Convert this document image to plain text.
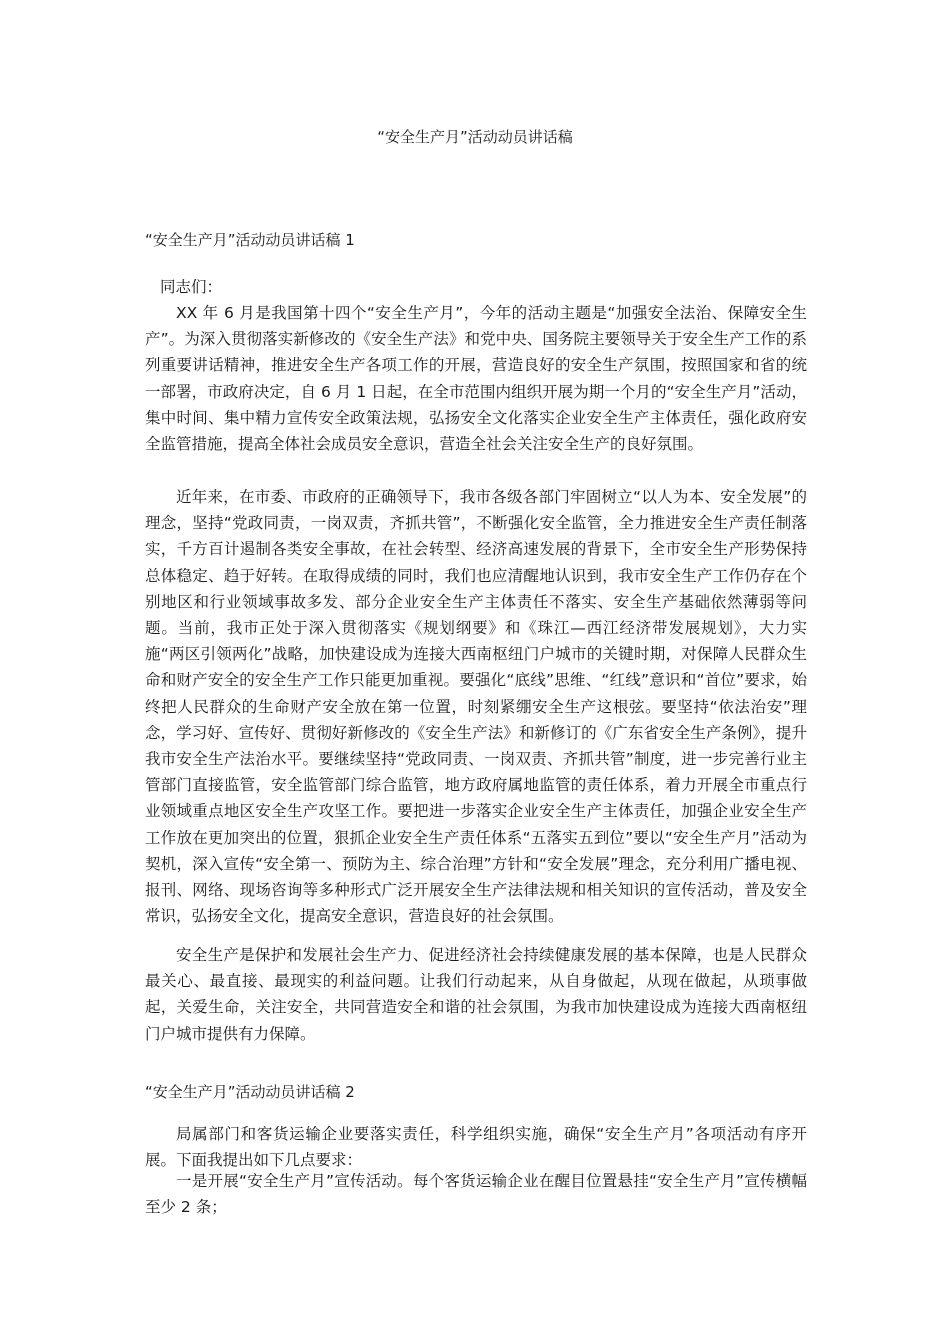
“安全生产月”活动动员讲话稿
“安全生产月”活动动员讲话稿 1
同志们：

XX 年 6 月是我国第十四个“安全生产月”，今年的活动主题是“加强安全法治、保障安全生产”。为深入贯彻落实新修改的《安全生产法》和党中央、国务院主要领导关于安全生产工作的系列重要讲话精神，推进安全生产各项工作的开展，营造良好的安全生产氛围，按照国家和省的统一部署，市政府决定，自 6 月 1 日起，在全市范围内组织开展为期一个月的“安全生产月”活动，集中时间、集中精力宣传安全政策法规，弘扬安全文化落实企业安全生产主体责任，强化政府安全监管措施，提高全体社会成员安全意识，营造全社会关注安全生产的良好氛围。

近年来，在市委、市政府的正确领导下，我市各级各部门牢固树立“以人为本、安全发展”的理念，坚持“党政同责，一岗双责，齐抓共管”，不断强化安全监管，全力推进安全生产责任制落实，千方百计遏制各类安全事故，在社会转型、经济高速发展的背景下，全市安全生产形势保持总体稳定、趋于好转。在取得成绩的同时，我们也应清醒地认识到，我市安全生产工作仍存在个别地区和行业领域事故多发、部分企业安全生产主体责任不落实、安全生产基础依然薄弱等问题。当前，我市正处于深入贯彻落实《规划纲要》和《珠江—西江经济带发展规划》，大力实施“两区引领两化”战略，加快建设成为连接大西南枢纽门户城市的关键时期，对保障人民群众生命和财产安全的安全生产工作只能更加重视。要强化“底线”思维、“红线”意识和“首位”要求，始终把人民群众的生命财产安全放在第一位置，时刻紧绷安全生产这根弦。要坚持“依法治安”理念，学习好、宣传好、贯彻好新修改的《安全生产法》和新修订的《广东省安全生产条例》，提升我市安全生产法治水平。要继续坚持“党政同责、一岗双责、齐抓共管”制度，进一步完善行业主管部门直接监管，安全监管部门综合监管，地方政府属地监管的责任体系，着力开展全市重点行业领域重点地区安全生产攻坚工作。要把进一步落实企业安全生产主体责任，加强企业安全生产工作放在更加突出的位置，狠抓企业安全生产责任体系“五落实五到位”要以“安全生产月”活动为契机，深入宣传“安全第一、预防为主、综合治理”方针和“安全发展”理念，充分利用广播电视、报刊、网络、现场咨询等多种形式广泛开展安全生产法律法规和相关知识的宣传活动，普及安全常识，弘扬安全文化，提高安全意识，营造良好的社会氛围。

安全生产是保护和发展社会生产力、促进经济社会持续健康发展的基本保障，也是人民群众最关心、最直接、最现实的利益问题。让我们行动起来，从自身做起，从现在做起，从琐事做起，关爱生命，关注安全，共同营造安全和谐的社会氛围，为我市加快建设成为连接大西南枢纽门户城市提供有力保障。

“安全生产月”活动动员讲话稿 2

局属部门和客货运输企业要落实责任，科学组织实施，确保“安全生产月”各项活动有序开展。下面我提出如下几点要求：

一是开展“安全生产月”宣传活动。每个客货运输企业在醒目位置悬挂“安全生产月”宣传横幅至少 2 条；
